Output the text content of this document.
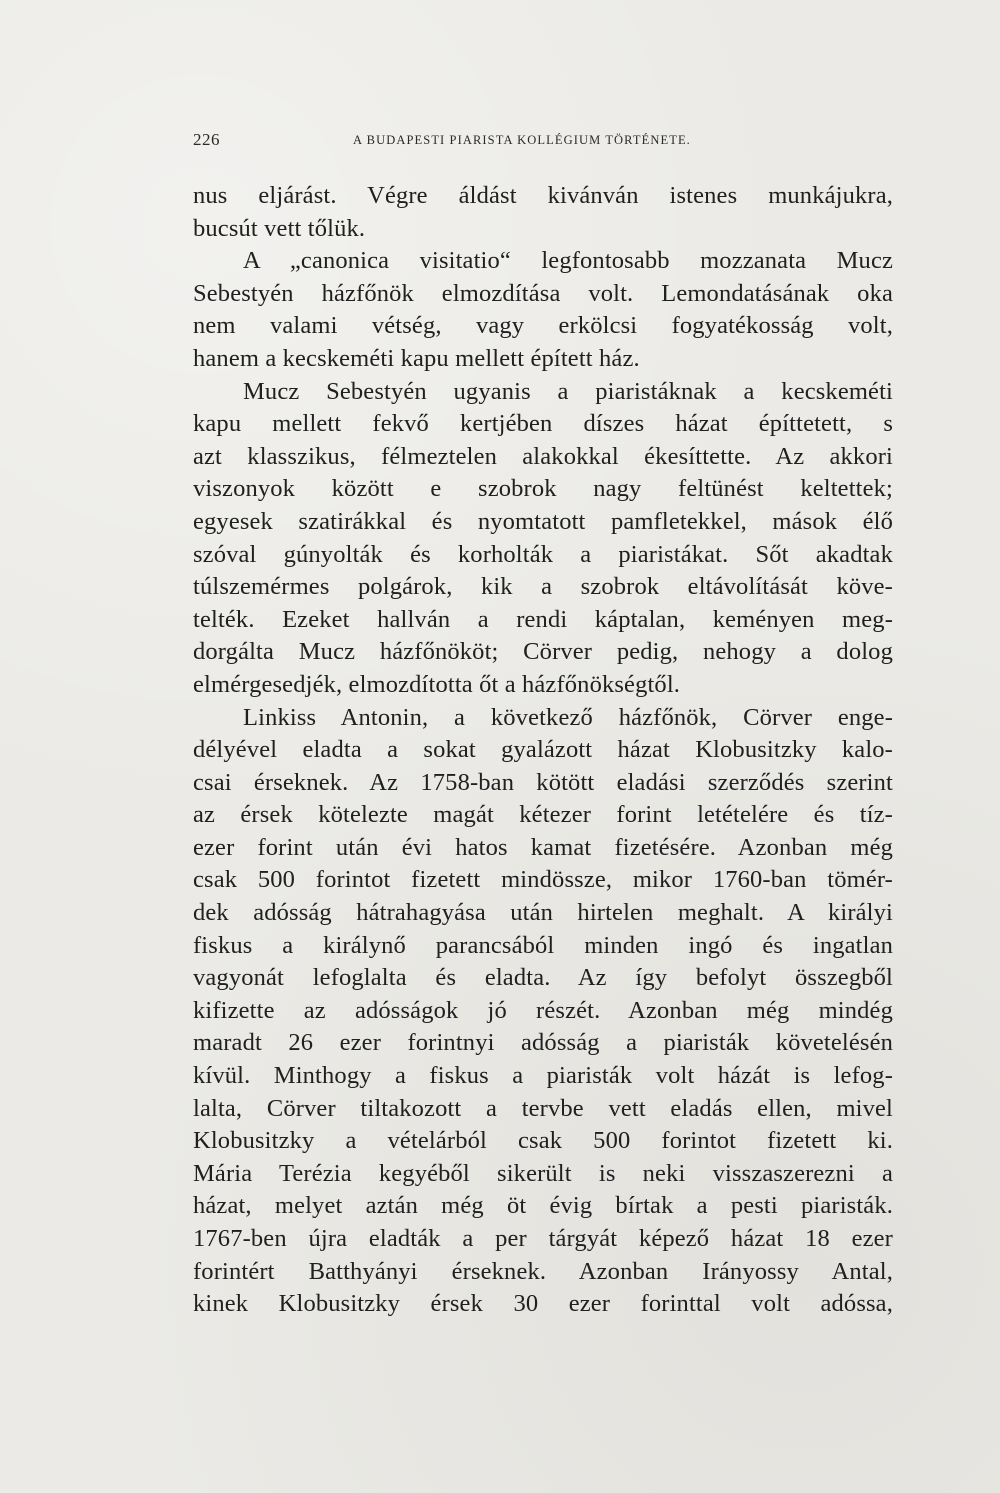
226	A BUDAPESTI PIARISTA KOLLÉGIUM TÖRTÉNETE.
nus eljárást. Végre áldást kivánván istenes munkájukra,
bucsút vett tőlük.
A „canonica visitatio“ legfontosabb mozzanata Mucz
Sebestyén házfőnök elmozdítása volt. Lemondatásának oka
nem valami vétség, vagy erkölcsi fogyatékosság volt,
hanem a kecskeméti kapu mellett épített ház.
Mucz Sebestyén ugyanis a piaristáknak a kecskeméti
kapu mellett fekvő kertjében díszes házat építtetett, s
azt klasszikus, félmeztelen alakokkal ékesíttette. Az akkori
viszonyok között e szobrok nagy feltünést keltettek;
egyesek szatirákkal és nyomtatott pamfletekkel, mások élő
szóval gúnyolták és korholták a piaristákat. Sőt akadtak
túlszemérmes polgárok, kik a szobrok eltávolítását köve-
telték. Ezeket hallván a rendi káptalan, keményen meg-
dorgálta Mucz házfőnököt; Cörver pedig, nehogy a dolog
elmérgesedjék, elmozdította őt a házfőnökségtől.
Linkiss Antonin, a következő házfőnök, Cörver enge-
délyével eladta a sokat gyalázott házat Klobusitzky kalo-
csai érseknek. Az 1758-ban kötött eladási szerződés szerint
az érsek kötelezte magát kétezer forint letételére és tíz-
ezer forint után évi hatos kamat fizetésére. Azonban még
csak 500 forintot fizetett mindössze, mikor 1760-ban tömér-
dek adósság hátrahagyása után hirtelen meghalt. A királyi
fiskus a királynő parancsából minden ingó és ingatlan
vagyonát lefoglalta és eladta. Az így befolyt összegből
kifizette az adósságok jó részét. Azonban még mindég
maradt 26 ezer forintnyi adósság a piaristák követelésén
kívül. Minthogy a fiskus a piaristák volt házát is lefog-
lalta, Cörver tiltakozott a tervbe vett eladás ellen, mivel
Klobusitzky a vételárból csak 500 forintot fizetett ki.
Mária Terézia kegyéből sikerült is neki visszaszerezni a
házat, melyet aztán még öt évig bírtak a pesti piaristák.
1767-ben újra eladták a per tárgyát képező házat 18 ezer
forintért Batthyányi érseknek. Azonban Irányossy Antal,
kinek Klobusitzky érsek 30 ezer forinttal volt adóssa,
